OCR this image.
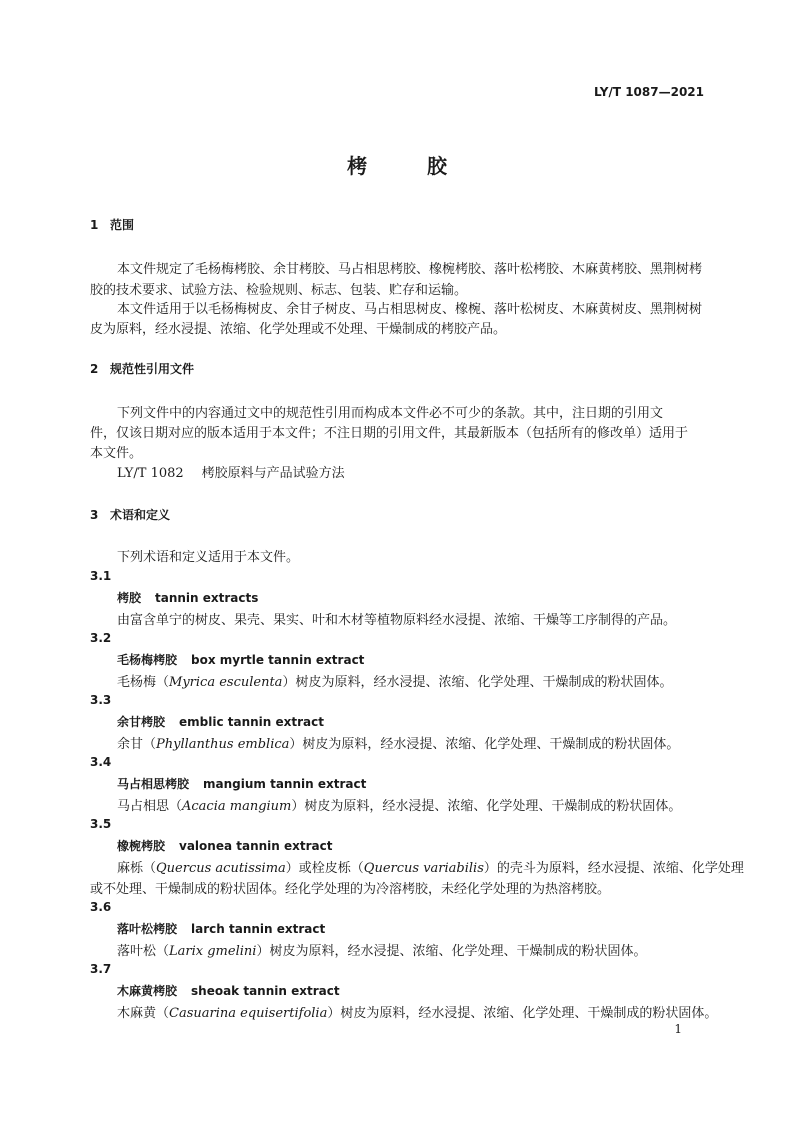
LY/T 1087—2021
栲胶
1 范围
本文件规定了毛杨梅栲胶、余甘栲胶、马占相思栲胶、橡椀栲胶、落叶松栲胶、木麻黄栲胶、黑荆树栲
胶的技术要求、试验方法、检验规则、标志、包装、贮存和运输。
本文件适用于以毛杨梅树皮、余甘子树皮、马占相思树皮、橡椀、落叶松树皮、木麻黄树皮、黑荆树树
皮为原料，经水浸提、浓缩、化学处理或不处理、干燥制成的栲胶产品。
2 规范性引用文件
下列文件中的内容通过文中的规范性引用而构成本文件必不可少的条款。其中，注日期的引用文
件，仅该日期对应的版本适用于本文件；不注日期的引用文件，其最新版本（包括所有的修改单）适用于
本文件。
LY/T 1082 栲胶原料与产品试验方法
3 术语和定义
下列术语和定义适用于本文件。
3.1
栲胶 tannin extracts
由富含单宁的树皮、果壳、果实、叶和木材等植物原料经水浸提、浓缩、干燥等工序制得的产品。
3.2
毛杨梅栲胶 box myrtle tannin extract
毛杨梅（Myrica esculenta）树皮为原料，经水浸提、浓缩、化学处理、干燥制成的粉状固体。
3.3
余甘栲胶 emblic tannin extract
余甘（Phyllanthus emblica）树皮为原料，经水浸提、浓缩、化学处理、干燥制成的粉状固体。
3.4
马占相思栲胶 mangium tannin extract
马占相思（Acacia mangium）树皮为原料，经水浸提、浓缩、化学处理、干燥制成的粉状固体。
3.5
橡椀栲胶 valonea tannin extract
麻栎（Quercus acutissima）或栓皮栎（Quercus variabilis）的壳斗为原料，经水浸提、浓缩、化学处理
或不处理、干燥制成的粉状固体。经化学处理的为冷溶栲胶，未经化学处理的为热溶栲胶。
3.6
落叶松栲胶 larch tannin extract
落叶松（Larix gmelini）树皮为原料，经水浸提、浓缩、化学处理、干燥制成的粉状固体。
3.7
木麻黄栲胶 sheoak tannin extract
木麻黄（Casuarina equisertifolia）树皮为原料，经水浸提、浓缩、化学处理、干燥制成的粉状固体。
1
